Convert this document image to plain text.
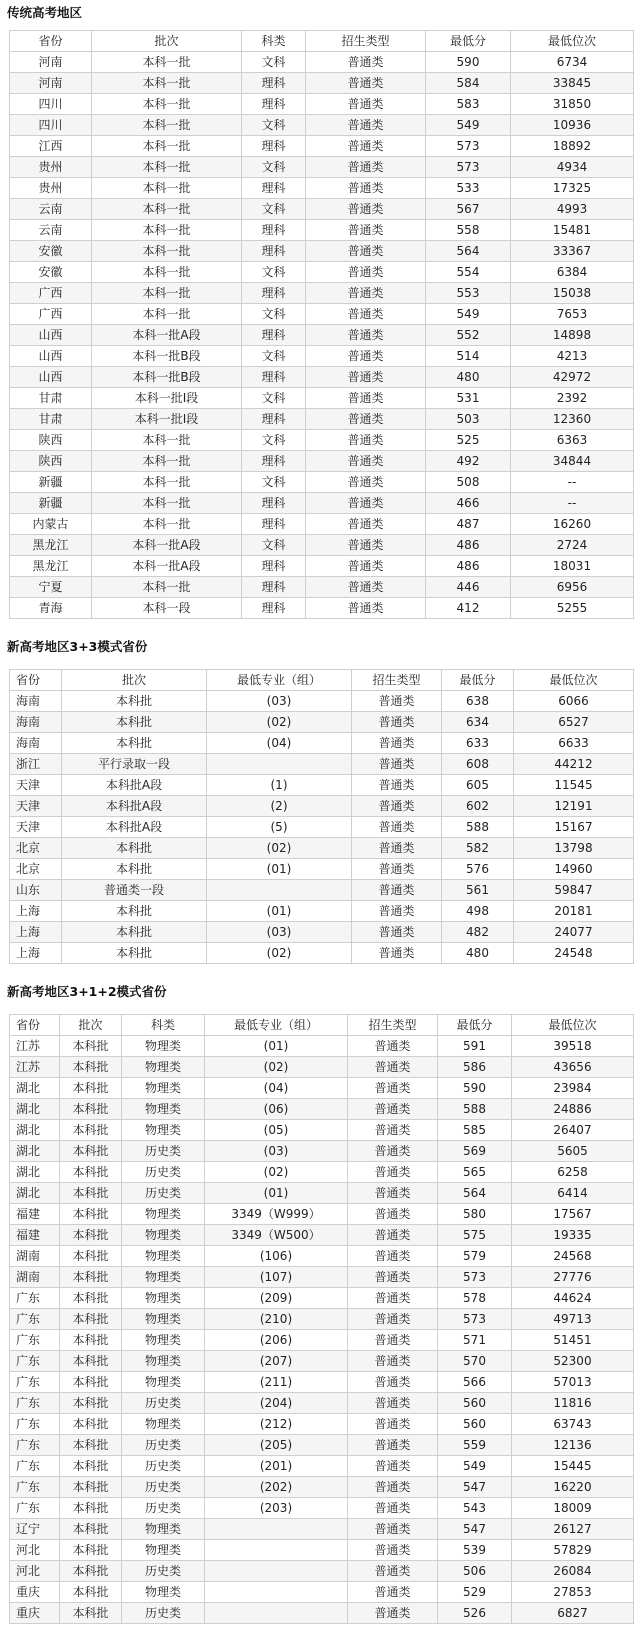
传统高考地区
省份	批次	科类	招生类型	最低分	最低位次
河南	本科一批	文科	普通类	590	6734
河南	本科一批	理科	普通类	584	33845
四川	本科一批	理科	普通类	583	31850
四川	本科一批	文科	普通类	549	10936
江西	本科一批	理科	普通类	573	18892
贵州	本科一批	文科	普通类	573	4934
贵州	本科一批	理科	普通类	533	17325
云南	本科一批	文科	普通类	567	4993
云南	本科一批	理科	普通类	558	15481
安徽	本科一批	理科	普通类	564	33367
安徽	本科一批	文科	普通类	554	6384
广西	本科一批	理科	普通类	553	15038
广西	本科一批	文科	普通类	549	7653
山西	本科一批A段	理科	普通类	552	14898
山西	本科一批B段	文科	普通类	514	4213
山西	本科一批B段	理科	普通类	480	42972
甘肃	本科一批I段	文科	普通类	531	2392
甘肃	本科一批I段	理科	普通类	503	12360
陕西	本科一批	文科	普通类	525	6363
陕西	本科一批	理科	普通类	492	34844
新疆	本科一批	文科	普通类	508	--
新疆	本科一批	理科	普通类	466	--
内蒙古	本科一批	理科	普通类	487	16260
黑龙江	本科一批A段	文科	普通类	486	2724
黑龙江	本科一批A段	理科	普通类	486	18031
宁夏	本科一批	理科	普通类	446	6956
青海	本科一段	理科	普通类	412	5255
新高考地区3+3模式省份
省份	批次	最低专业（组）	招生类型	最低分	最低位次
海南	本科批	(03)	普通类	638	6066
海南	本科批	(02)	普通类	634	6527
海南	本科批	(04)	普通类	633	6633
浙江	平行录取一段		普通类	608	44212
天津	本科批A段	(1)	普通类	605	11545
天津	本科批A段	(2)	普通类	602	12191
天津	本科批A段	(5)	普通类	588	15167
北京	本科批	(02)	普通类	582	13798
北京	本科批	(01)	普通类	576	14960
山东	普通类一段		普通类	561	59847
上海	本科批	(01)	普通类	498	20181
上海	本科批	(03)	普通类	482	24077
上海	本科批	(02)	普通类	480	24548
新高考地区3+1+2模式省份
省份	批次	科类	最低专业（组）	招生类型	最低分	最低位次
江苏	本科批	物理类	(01)	普通类	591	39518
江苏	本科批	物理类	(02)	普通类	586	43656
湖北	本科批	物理类	(04)	普通类	590	23984
湖北	本科批	物理类	(06)	普通类	588	24886
湖北	本科批	物理类	(05)	普通类	585	26407
湖北	本科批	历史类	(03)	普通类	569	5605
湖北	本科批	历史类	(02)	普通类	565	6258
湖北	本科批	历史类	(01)	普通类	564	6414
福建	本科批	物理类	3349（W999）	普通类	580	17567
福建	本科批	物理类	3349（W500）	普通类	575	19335
湖南	本科批	物理类	(106)	普通类	579	24568
湖南	本科批	物理类	(107)	普通类	573	27776
广东	本科批	物理类	(209)	普通类	578	44624
广东	本科批	物理类	(210)	普通类	573	49713
广东	本科批	物理类	(206)	普通类	571	51451
广东	本科批	物理类	(207)	普通类	570	52300
广东	本科批	物理类	(211)	普通类	566	57013
广东	本科批	历史类	(204)	普通类	560	11816
广东	本科批	物理类	(212)	普通类	560	63743
广东	本科批	历史类	(205)	普通类	559	12136
广东	本科批	历史类	(201)	普通类	549	15445
广东	本科批	历史类	(202)	普通类	547	16220
广东	本科批	历史类	(203)	普通类	543	18009
辽宁	本科批	物理类		普通类	547	26127
河北	本科批	物理类		普通类	539	57829
河北	本科批	历史类		普通类	506	26084
重庆	本科批	物理类		普通类	529	27853
重庆	本科批	历史类		普通类	526	6827
